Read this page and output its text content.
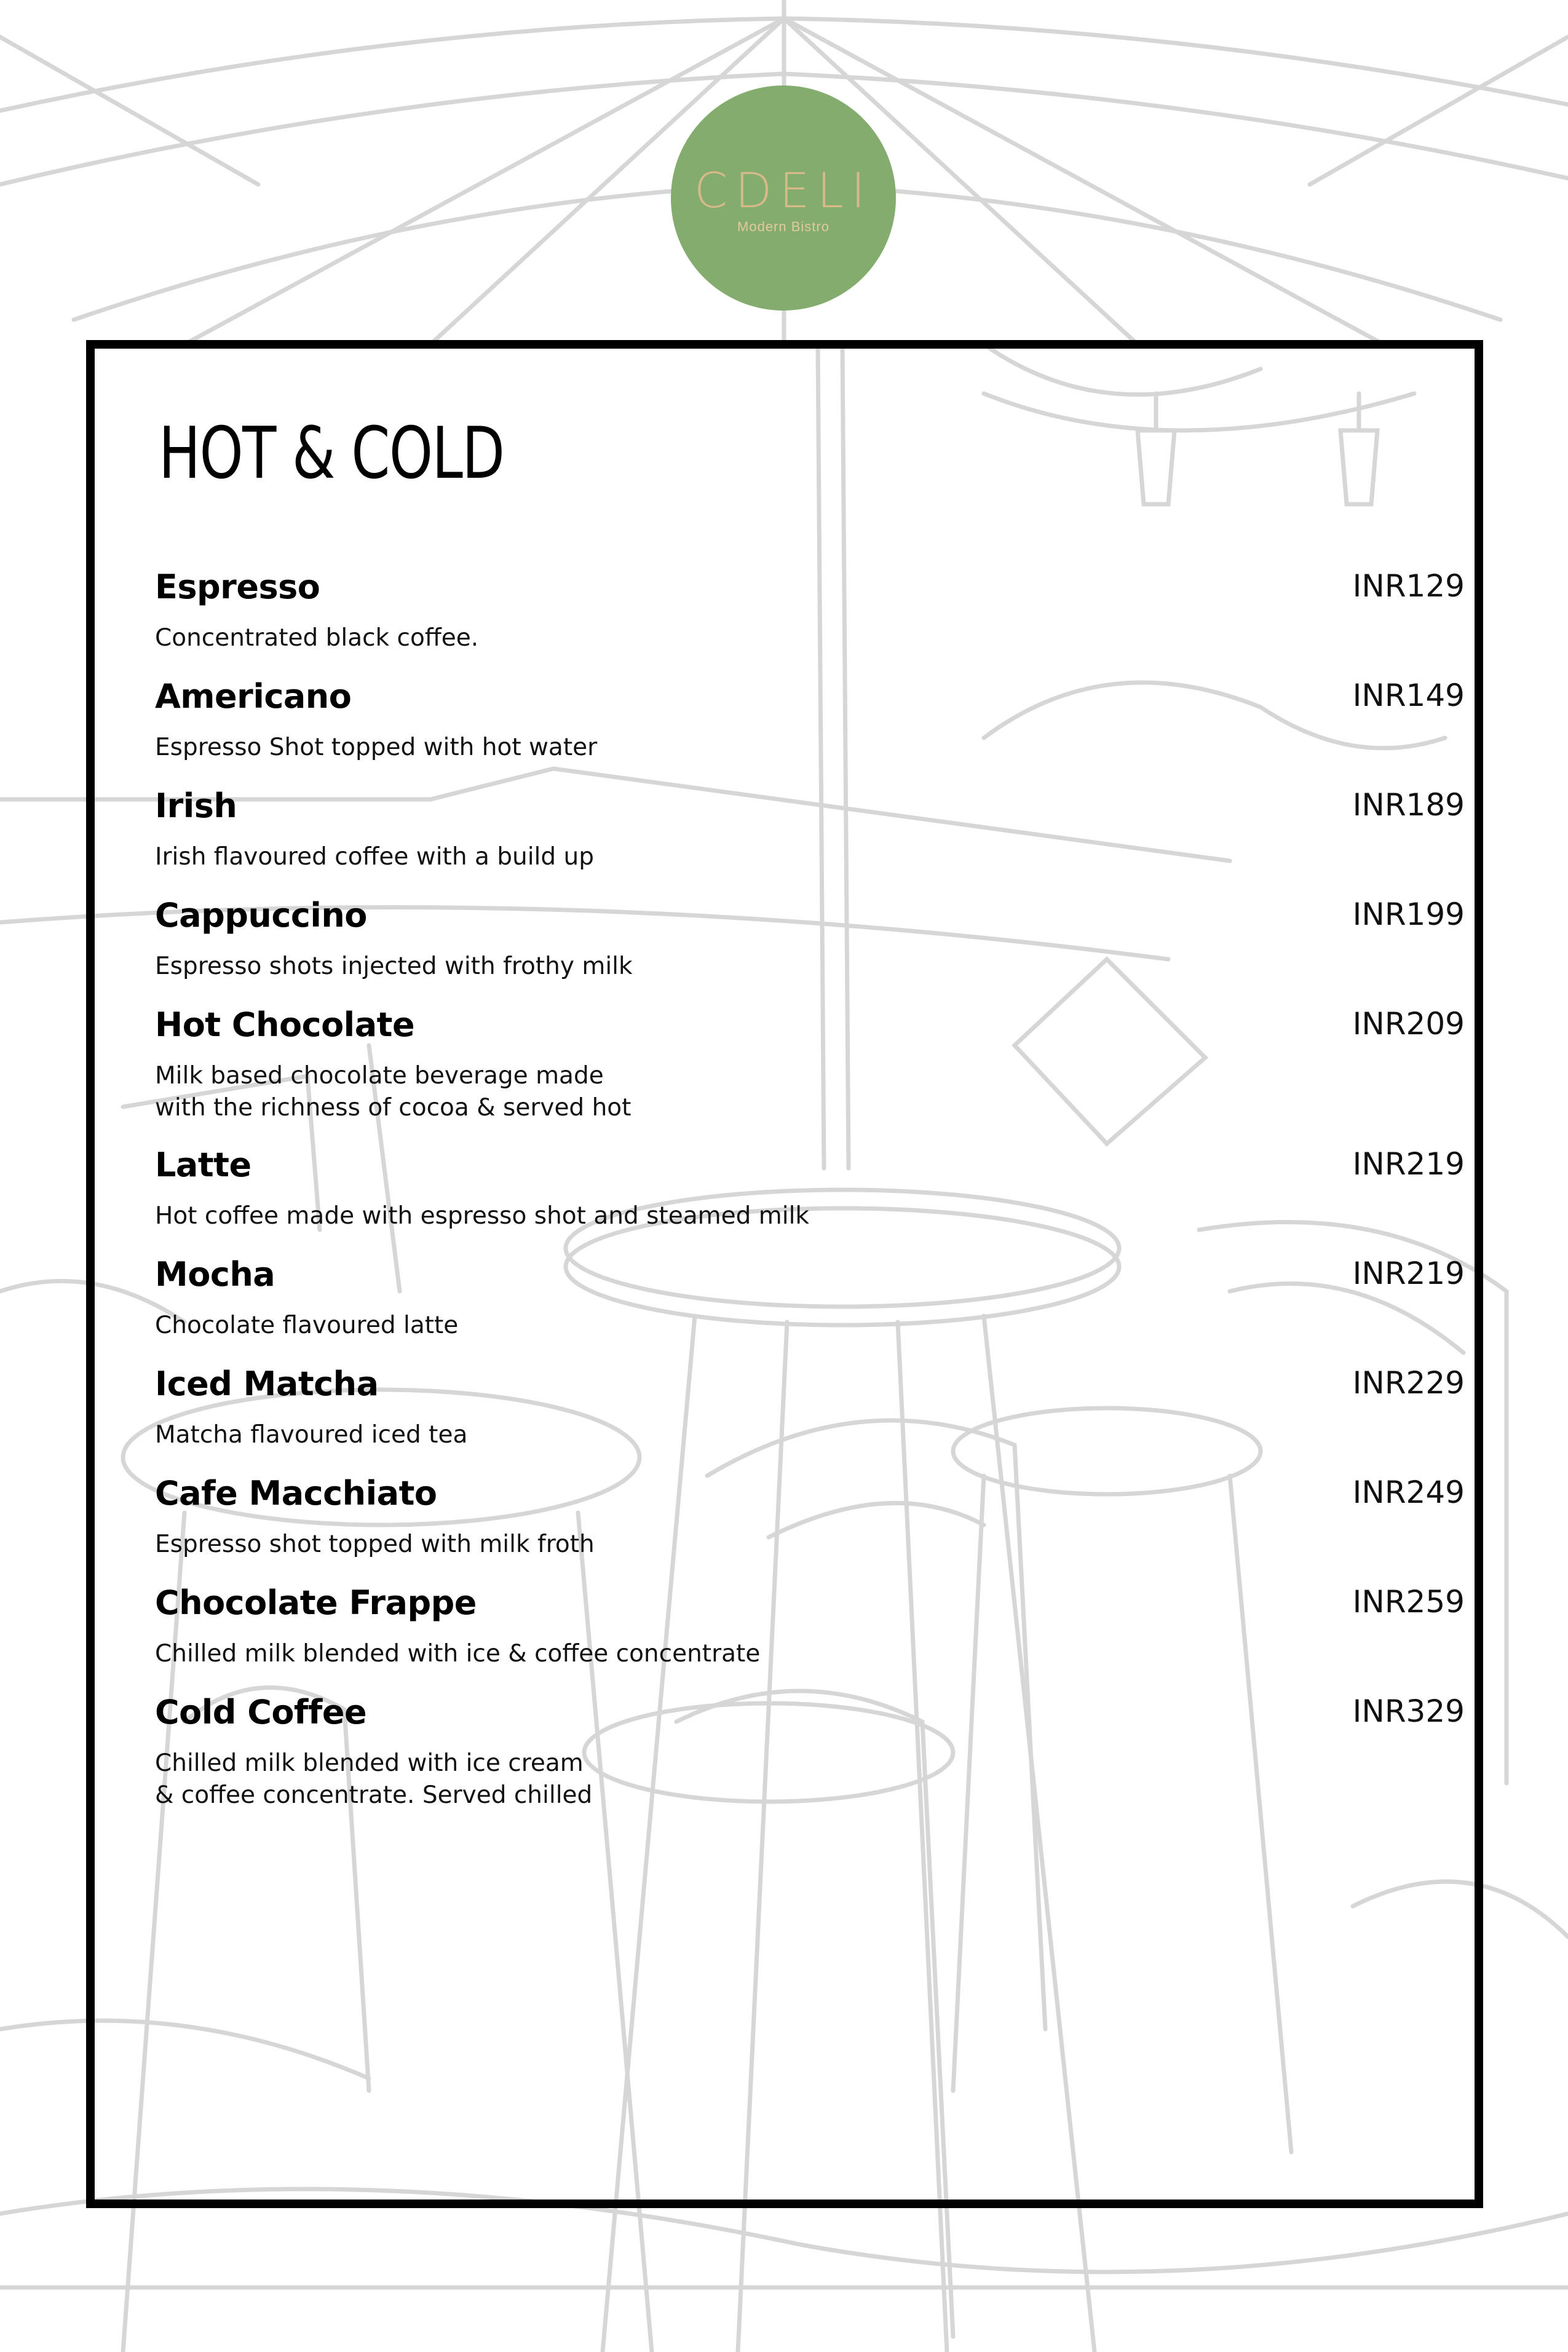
CDELI
Modern Bistro
HOT & COLD
Espresso
Concentrated black coffee.
INR129
Americano
Espresso Shot topped with hot water
INR149
Irish
Irish flavoured coffee with a build up
INR189
Cappuccino
Espresso shots injected with frothy milk
INR199
Hot Chocolate
Milk based chocolate beverage made
with the richness of cocoa & served hot
INR209
Latte
Hot coffee made with espresso shot and steamed milk
INR219
Mocha
Chocolate flavoured latte
INR219
Iced Matcha
Matcha flavoured iced tea
INR229
Cafe Macchiato
Espresso shot topped with milk froth
INR249
Chocolate Frappe
Chilled milk blended with ice & coffee concentrate
INR259
Cold Coffee
Chilled milk blended with ice cream
& coffee concentrate. Served chilled
INR329
